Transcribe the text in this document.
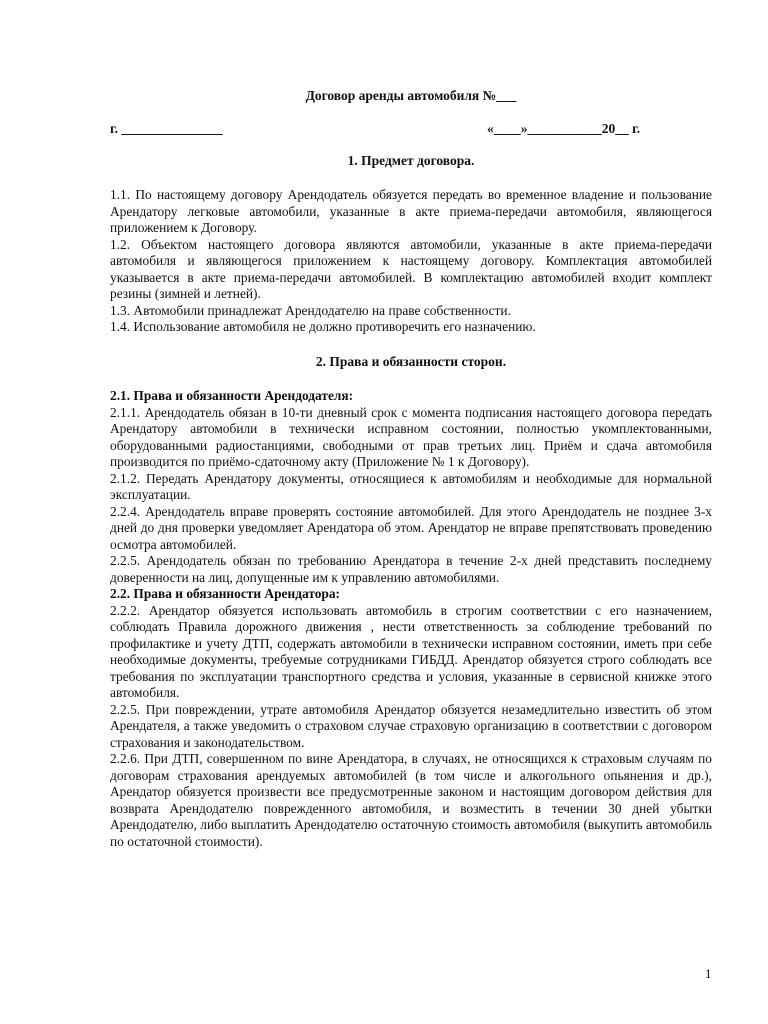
Договор аренды автомобиля №___
г. _______________	«____»___________20__ г.
1. Предмет договора.

1.1. По настоящему договору Арендодатель обязуется передать во временное владение и пользование Арендатору легковые автомобили, указанные в акте приема-передачи автомобиля, являющегося приложением к Договору.

1.2. Объектом настоящего договора являются автомобили, указанные в акте приема-передачи автомобиля и являющегося приложением к настоящему договору. Комплектация автомобилей указывается в акте приема-передачи автомобилей. В комплектацию автомобилей входит комплект резины (зимней и летней).

1.3. Автомобили принадлежат Арендодателю на праве собственности.

1.4. Использование автомобиля не должно противоречить его назначению.

2. Права и обязанности сторон.

2.1. Права и обязанности Арендодателя:

2.1.1. Арендодатель обязан в 10-ти дневный срок с момента подписания настоящего договора передать Арендатору автомобили в технически исправном состоянии, полностью укомплектованными, оборудованными радиостанциями, свободными от прав третьих лиц. Приём и сдача автомобиля производится по приёмо-сдаточному акту (Приложение № 1 к Договору).

2.1.2. Передать Арендатору документы, относящиеся к автомобилям и необходимые для нормальной эксплуатации.

2.2.4. Арендодатель вправе проверять состояние автомобилей. Для этого Арендодатель не позднее 3-х дней до дня проверки уведомляет Арендатора об этом. Арендатор не вправе препятствовать проведению осмотра автомобилей.

2.2.5. Арендодатель обязан по требованию Арендатора в течение 2-х дней представить последнему доверенности на лиц, допущенные им к управлению автомобилями.

2.2. Права и обязанности Арендатора:

2.2.2. Арендатор обязуется использовать автомобиль в строгим соответствии с его назначением, соблюдать Правила дорожного движения , нести ответственность за соблюдение требований по профилактике и учету ДТП, содержать автомобили в технически исправном состоянии, иметь при себе необходимые документы, требуемые сотрудниками ГИБДД. Арендатор обязуется строго соблюдать все требования по эксплуатации транспортного средства и условия, указанные в сервисной книжке этого автомобиля.

2.2.5. При повреждении, утрате автомобиля Арендатор обязуется незамедлительно известить об этом Арендателя, а также уведомить о страховом случае страховую организацию в соответствии с договором страхования и законодательством.

2.2.6. При ДТП, совершенном по вине Арендатора, в случаях, не относящихся к страховым случаям по договорам страхования арендуемых автомобилей (в том числе и алкогольного опьянения и др.), Арендатор обязуется произвести все предусмотренные законом и настоящим договором действия для возврата Арендодателю поврежденного автомобиля, и возместить в течении 30 дней убытки Арендодателю, либо выплатить Арендодателю остаточную стоимость автомобиля (выкупить автомобиль по остаточной стоимости).

1
